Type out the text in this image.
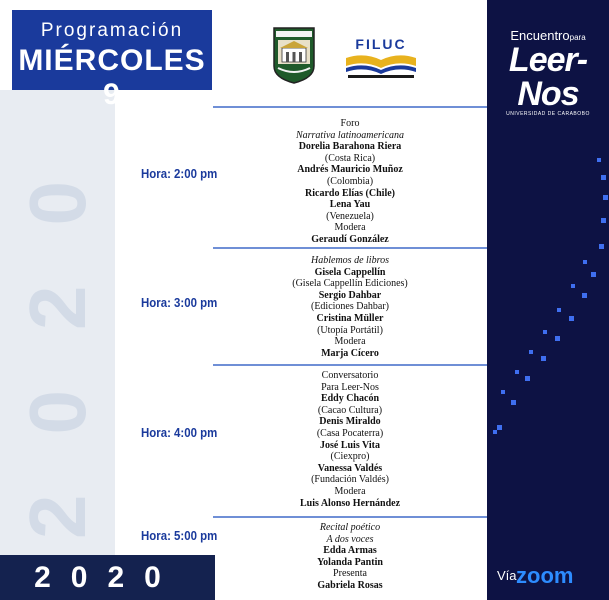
2020
Programación
MIÉRCOLES 9
FILUC
Encuentropara
Leer-Nos
UNIVERSIDAD DE CARABOBO
Vía zoom
2020
Hora: 2:00 pm
Foro
Narrativa latinoamericana
Dorelia Barahona Riera
(Costa Rica)
Andrés Mauricio Muñoz
(Colombia)
Ricardo Elías (Chile)
Lena Yau
(Venezuela)
Modera
Geraudí González
Hora: 3:00 pm
Hablemos de libros
Gisela Cappellín
(Gisela Cappellín Ediciones)
Sergio Dahbar
(Ediciones Dahbar)
Cristina Müller
(Utopía Portátil)
Modera
Marja Cícero
Hora: 4:00 pm
Conversatorio
Para Leer-Nos
Eddy Chacón
(Cacao Cultura)
Denis Miraldo
(Casa Pocaterra)
José Luis Vita
(Ciexpro)
Vanessa Valdés
(Fundación Valdés)
Modera
Luis Alonso Hernández
Hora: 5:00 pm
Recital poético
A dos voces
Edda Armas
Yolanda Pantin
Presenta
Gabriela Rosas
